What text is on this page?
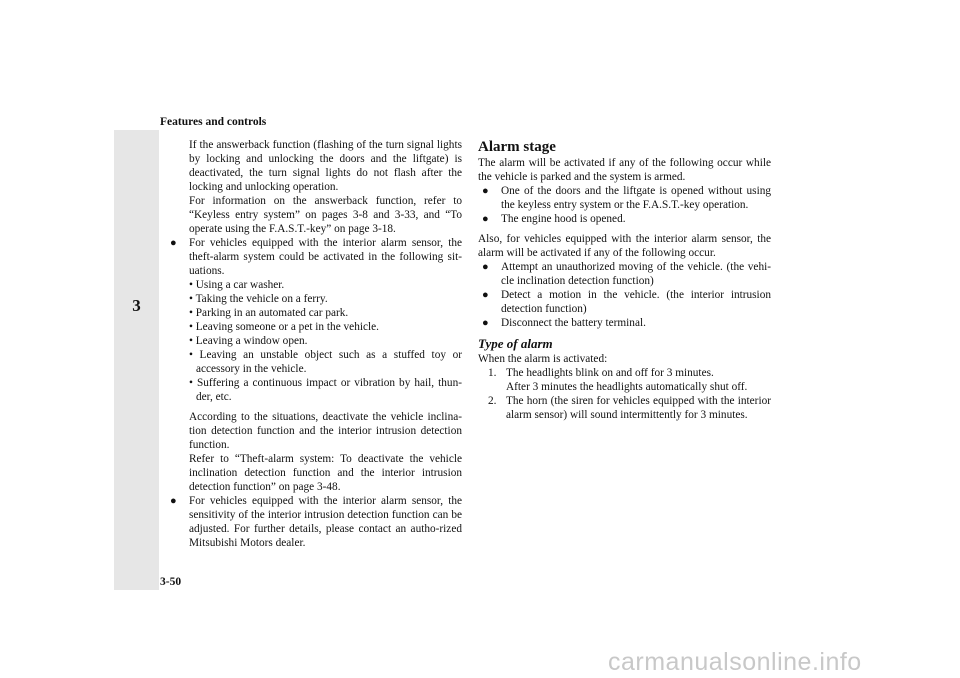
Features and controls
3

If the answerback function (flashing of the turn signal lights by locking and unlocking the doors and the liftgate) is deactivated, the turn signal lights do not flash after the locking and unlocking operation.

For information on the answerback function, refer to “Keyless entry system” on pages 3-8 and 3-33, and “To operate using the F.A.S.T.-key” on page 3-18.

● For vehicles equipped with the interior alarm sensor, the theft-alarm system could be activated in the following sit-uations.

• Using a car washer.

• Taking the vehicle on a ferry.

• Parking in an automated car park.

• Leaving someone or a pet in the vehicle.

• Leaving a window open.

• Leaving an unstable object such as a stuffed toy or accessory in the vehicle.

• Suffering a continuous impact or vibration by hail, thun-der, etc.

According to the situations, deactivate the vehicle inclina-tion detection function and the interior intrusion detection function.

Refer to “Theft-alarm system: To deactivate the vehicle inclination detection function and the interior intrusion detection function” on page 3-48.

● For vehicles equipped with the interior alarm sensor, the sensitivity of the interior intrusion detection function can be adjusted. For further details, please contact an autho-rized Mitsubishi Motors dealer.
Alarm stage

The alarm will be activated if any of the following occur while the vehicle is parked and the system is armed.

● One of the doors and the liftgate is opened without using the keyless entry system or the F.A.S.T.-key operation.
● The engine hood is opened.

Also, for vehicles equipped with the interior alarm sensor, the alarm will be activated if any of the following occur.

● Attempt an unauthorized moving of the vehicle. (the vehi-cle inclination detection function)
● Detect a motion in the vehicle. (the interior intrusion detection function)
● Disconnect the battery terminal.
Type of alarm

When the alarm is activated:

1. The headlights blink on and off for 3 minutes.
After 3 minutes the headlights automatically shut off.
2. The horn (the siren for vehicles equipped with the interior alarm sensor) will sound intermittently for 3 minutes.
3-50
carmanualsonline.info
